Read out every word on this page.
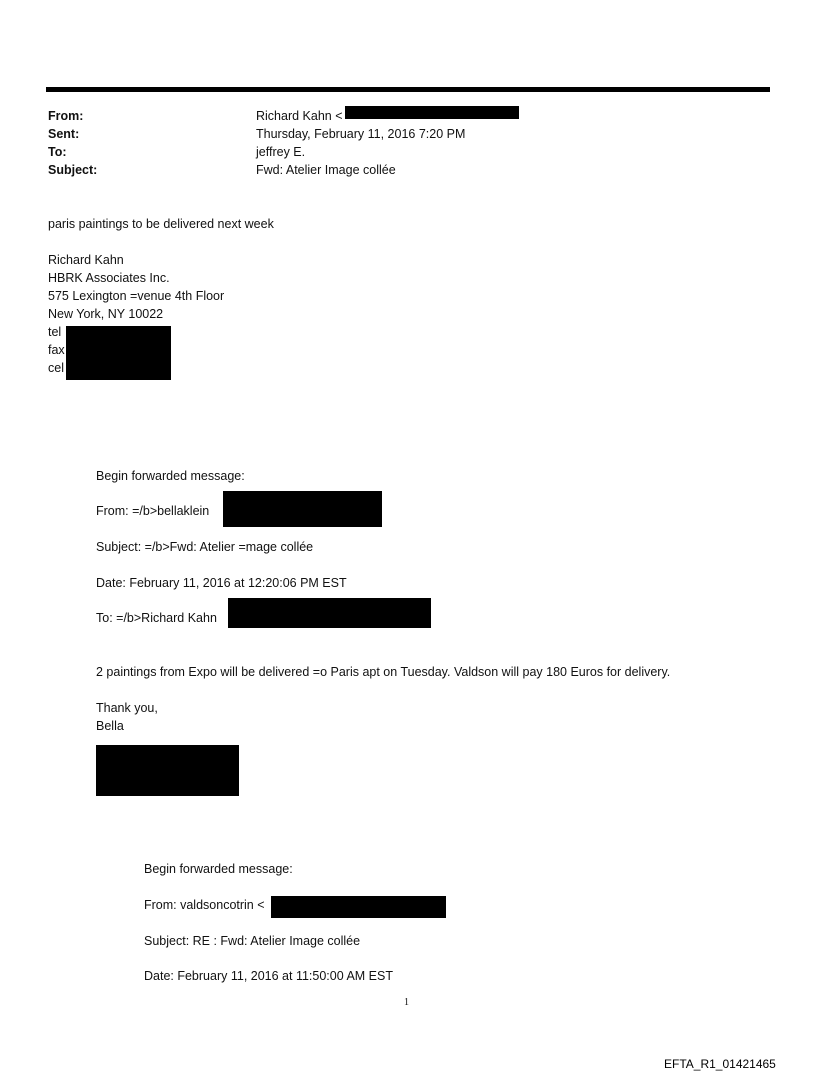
From:	Richard Kahn <
Sent:	Thursday, February 11, 2016 7:20 PM
To:	jeffrey E.
Subject:	Fwd: Atelier Image collée
paris paintings to be delivered next week
Richard Kahn
HBRK Associates Inc.
575 Lexington =venue 4th Floor
New York, NY 10022
tel
fax
cel
Begin forwarded message:
From: =/b>bellaklein
Subject: =/b>Fwd: Atelier =mage collée
Date: February 11, 2016 at 12:20:06 PM EST
To: =/b>Richard Kahn
2 paintings from Expo will be delivered =o Paris apt on Tuesday. Valdson will pay 180 Euros for delivery.
Thank you,
Bella
Begin forwarded message:
From: valdsoncotrin <
Subject: RE : Fwd: Atelier Image collée
Date: February 11, 2016 at 11:50:00 AM EST
1
EFTA_R1_01421465
